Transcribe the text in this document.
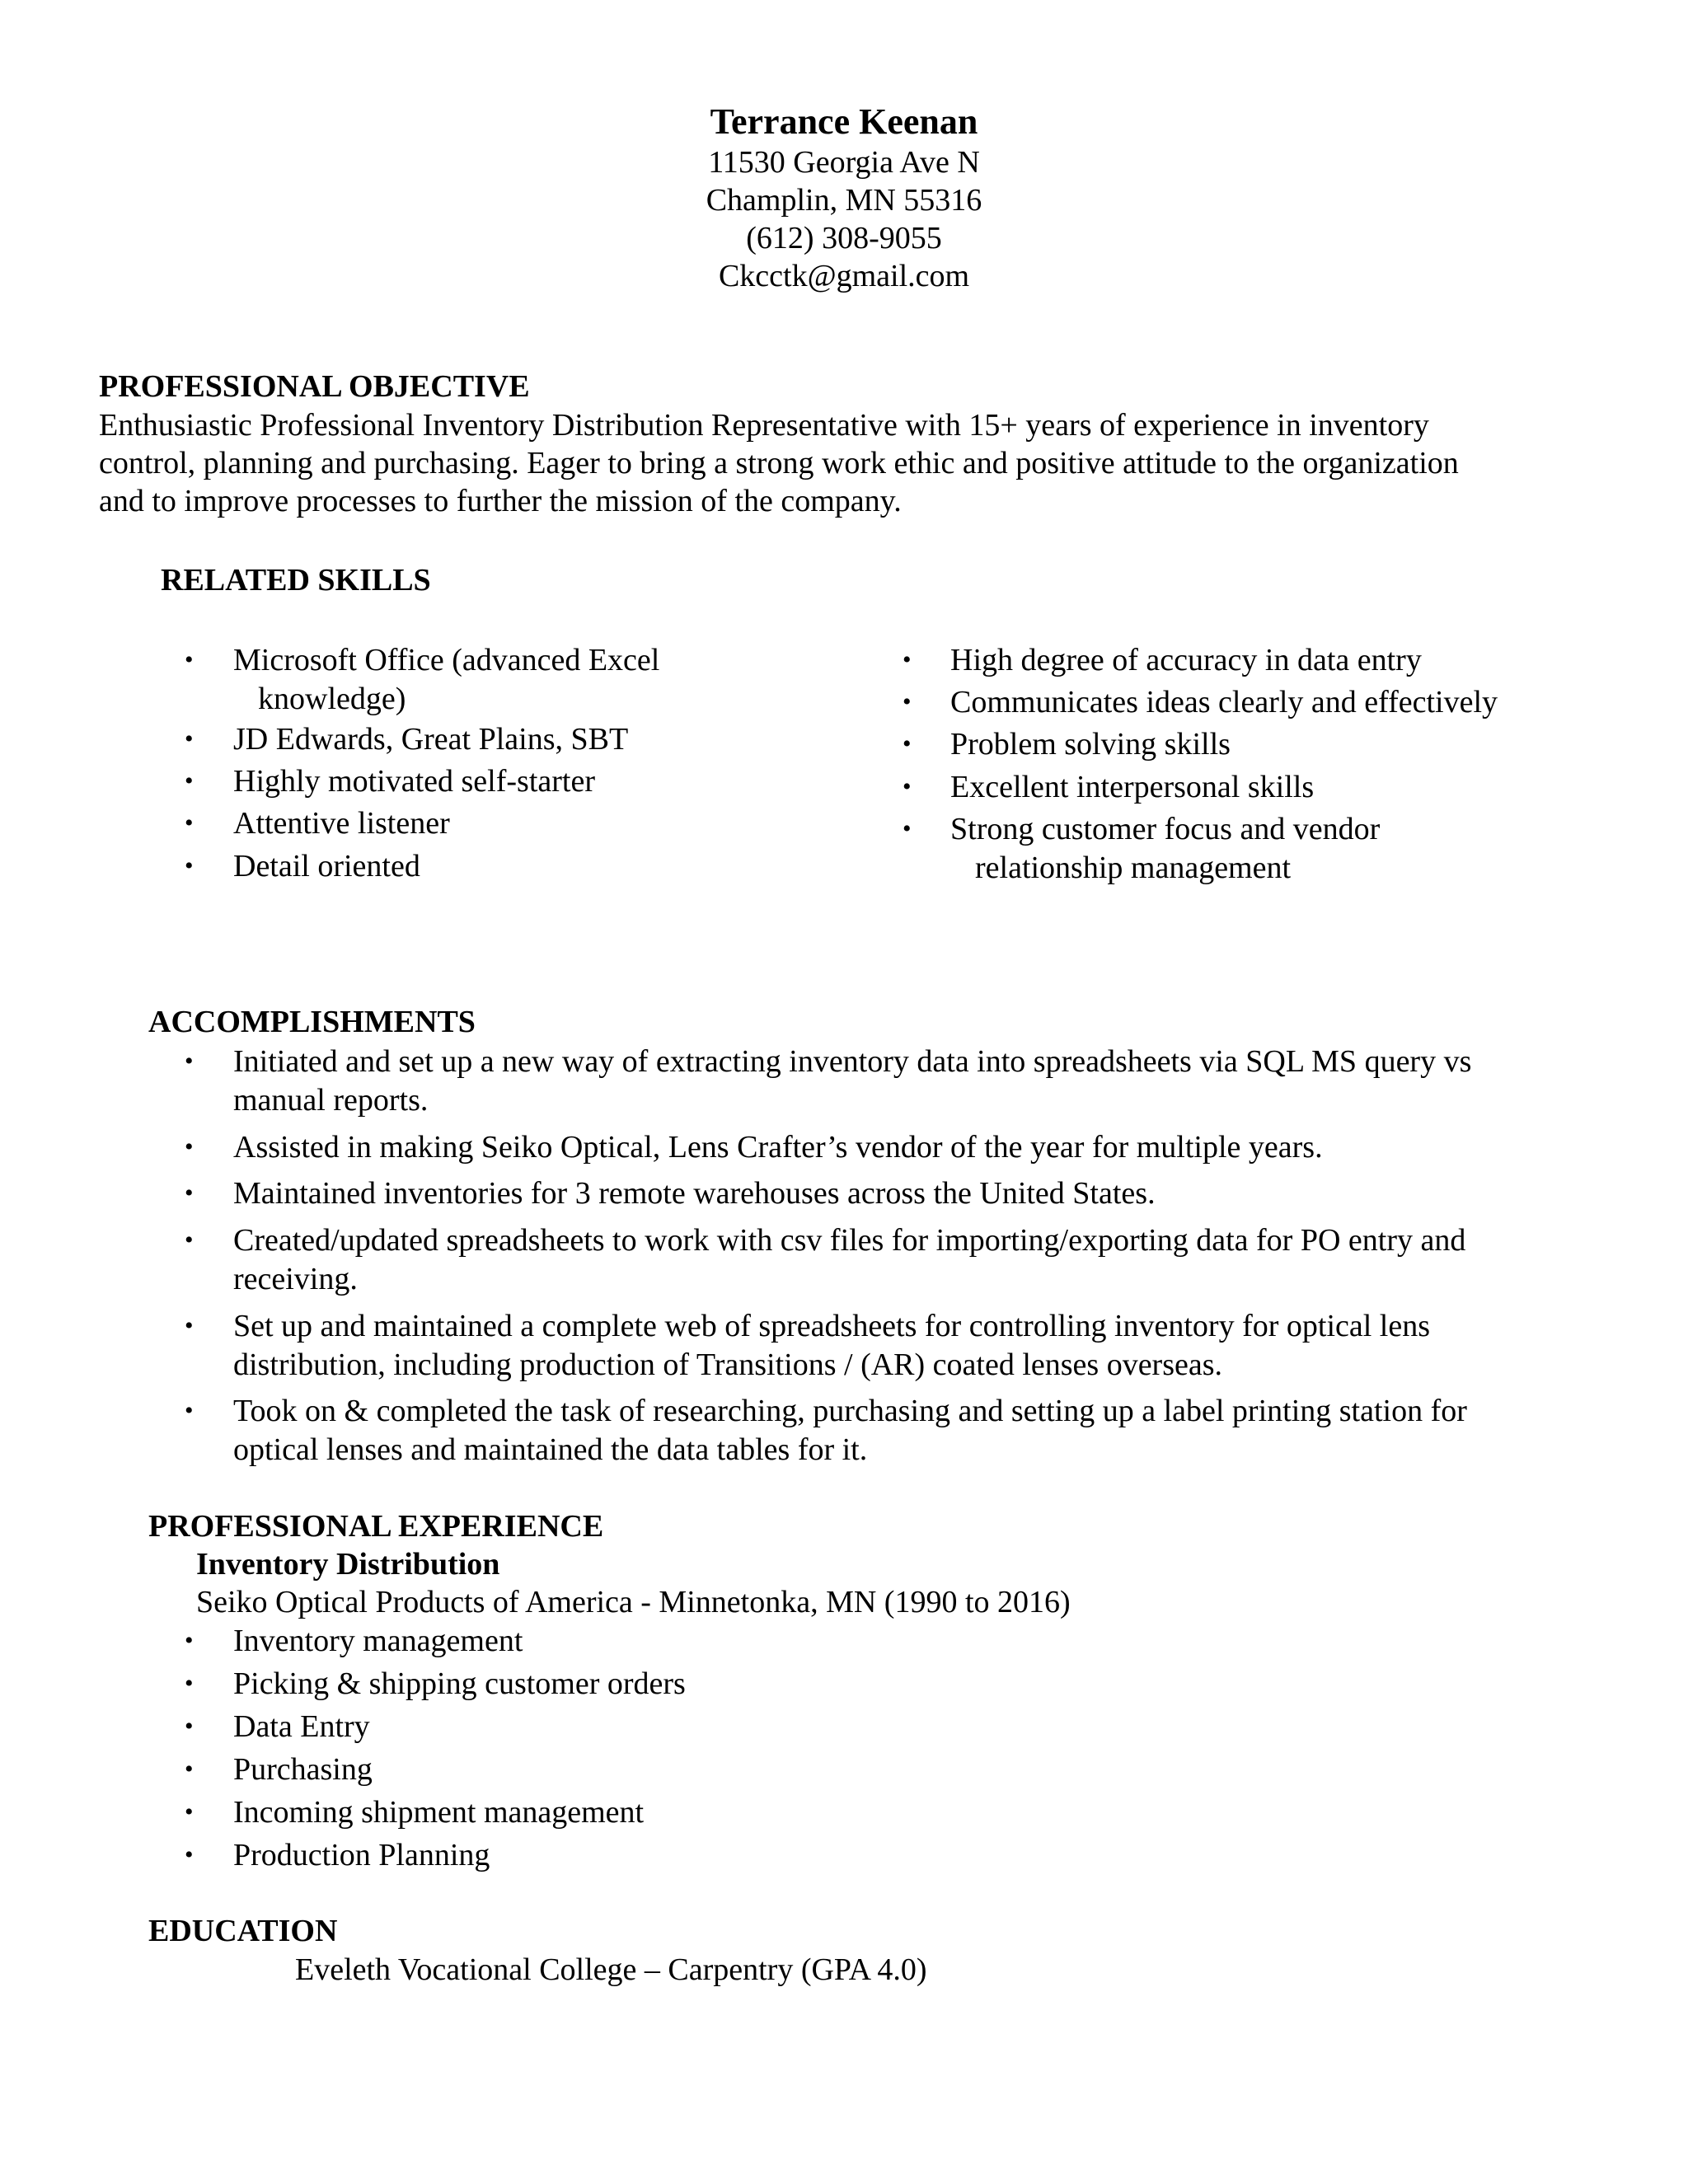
Terrance Keenan
11530 Georgia Ave N
Champlin, MN 55316
(612) 308-9055
Ckcctk@gmail.com
PROFESSIONAL OBJECTIVE
Enthusiastic Professional Inventory Distribution Representative with 15+ years of experience in inventory
control, planning and purchasing. Eager to bring a strong work ethic and positive attitude to the organization
and to improve processes to further the mission of the company.
RELATED SKILLS
• Microsoft Office (advanced Excel
knowledge)
• JD Edwards, Great Plains, SBT
• Highly motivated self-starter
• Attentive listener
• Detail oriented
• High degree of accuracy in data entry
• Communicates ideas clearly and effectively
• Problem solving skills
• Excellent interpersonal skills
• Strong customer focus and vendor
relationship management
ACCOMPLISHMENTS
• Initiated and set up a new way of extracting inventory data into spreadsheets via SQL MS query vs
manual reports.
• Assisted in making Seiko Optical, Lens Crafter’s vendor of the year for multiple years.
• Maintained inventories for 3 remote warehouses across the United States.
• Created/updated spreadsheets to work with csv files for importing/exporting data for PO entry and
receiving.
• Set up and maintained a complete web of spreadsheets for controlling inventory for optical lens
distribution, including production of Transitions / (AR) coated lenses overseas.
• Took on & completed the task of researching, purchasing and setting up a label printing station for
optical lenses and maintained the data tables for it.
PROFESSIONAL EXPERIENCE
Inventory Distribution
Seiko Optical Products of America - Minnetonka, MN (1990 to 2016)
• Inventory management
• Picking & shipping customer orders
• Data Entry
• Purchasing
• Incoming shipment management
• Production Planning
EDUCATION
Eveleth Vocational College – Carpentry (GPA 4.0)
